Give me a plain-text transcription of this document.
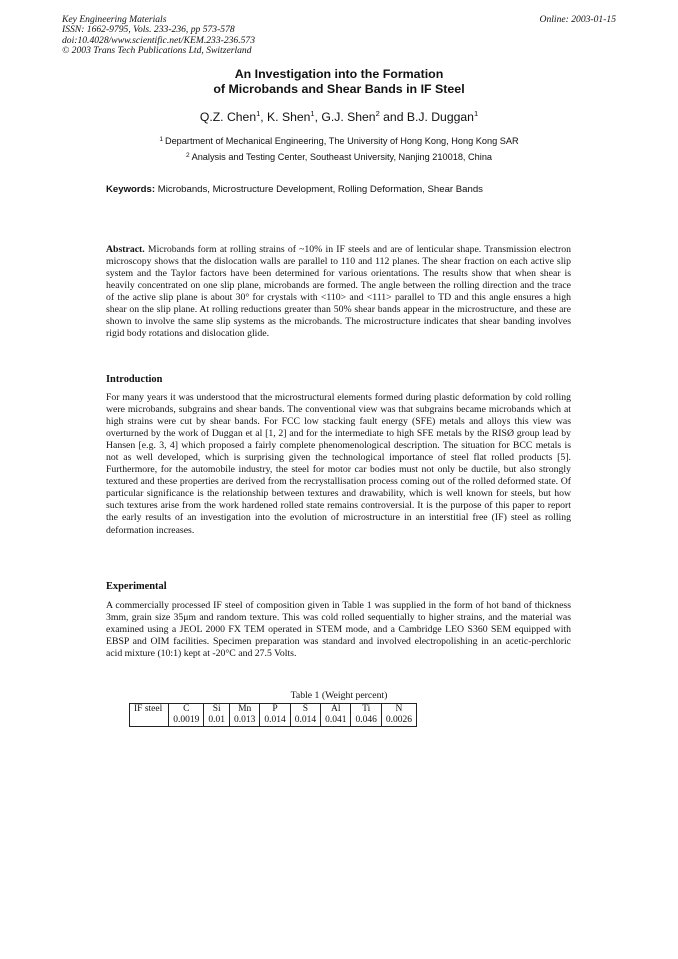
Key Engineering Materials
ISSN: 1662-9795, Vols. 233-236, pp 573-578
doi:10.4028/www.scientific.net/KEM.233-236.573
© 2003 Trans Tech Publications Ltd, Switzerland
Online: 2003-01-15
An Investigation into the Formation
of Microbands and Shear Bands in IF Steel
Q.Z. Chen$^1$, K. Shen$^1$, G.J. Shen$^2$ and B.J. Duggan$^1$
$^1$ Department of Mechanical Engineering, The University of Hong Kong, Hong Kong SAR
$^2$ Analysis and Testing Center, Southeast University, Nanjing 210018, China
Keywords: Microbands, Microstructure Development, Rolling Deformation, Shear Bands
Abstract. Microbands form at rolling strains of ~10% in IF steels and are of lenticular shape. Transmission electron microscopy shows that the dislocation walls are parallel to 110 and 112 planes. The shear fraction on each active slip system and the Taylor factors have been determined for various orientations. The results show that when shear is heavily concentrated on one slip plane, microbands are formed. The angle between the rolling direction and the trace of the active slip plane is about 30° for crystals with <110> and <111> parallel to TD and this angle ensures a high shear on the slip plane. At rolling reductions greater than 50% shear bands appear in the microstructure, and these are shown to involve the same slip systems as the microbands. The microstructure indicates that shear banding involves rigid body rotations and dislocation glide.
Introduction
For many years it was understood that the microstructural elements formed during plastic deformation by cold rolling were microbands, subgrains and shear bands. The conventional view was that subgrains became microbands which at high strains were cut by shear bands. For FCC low stacking fault energy (SFE) metals and alloys this view was overturned by the work of Duggan et al [1, 2] and for the intermediate to high SFE metals by the RISØ group lead by Hansen [e.g. 3, 4] which proposed a fairly complete phenomenological description. The situation for BCC metals is not as well developed, which is surprising given the technological importance of steel flat rolled products [5]. Furthermore, for the automobile industry, the steel for motor car bodies must not only be ductile, but also strongly textured and these properties are derived from the recrystallisation process coming out of the rolled deformed state. Of particular significance is the relationship between textures and drawability, which is well known for steels, but how such textures arise from the work hardened rolled state remains controversial. It is the purpose of this paper to report the early results of an investigation into the evolution of microstructure in an interstitial free (IF) steel as rolling deformation increases.
Experimental
A commercially processed IF steel of composition given in Table 1 was supplied in the form of hot band of thickness 3mm, grain size 35μm and random texture. This was cold rolled sequentially to higher strains, and the material was examined using a JEOL 2000 FX TEM operated in STEM mode, and a Cambridge LEO S360 SEM equipped with EBSP and OIM facilities. Specimen preparation was standard and involved electropolishing in an acetic-perchloric acid mixture (10:1) kept at -20°C and 27.5 Volts.
Table 1 (Weight percent)
IF steel	C	Si	Mn	P	S	Al	Ti	N
	0.0019	0.01	0.013	0.014	0.014	0.041	0.046	0.0026
